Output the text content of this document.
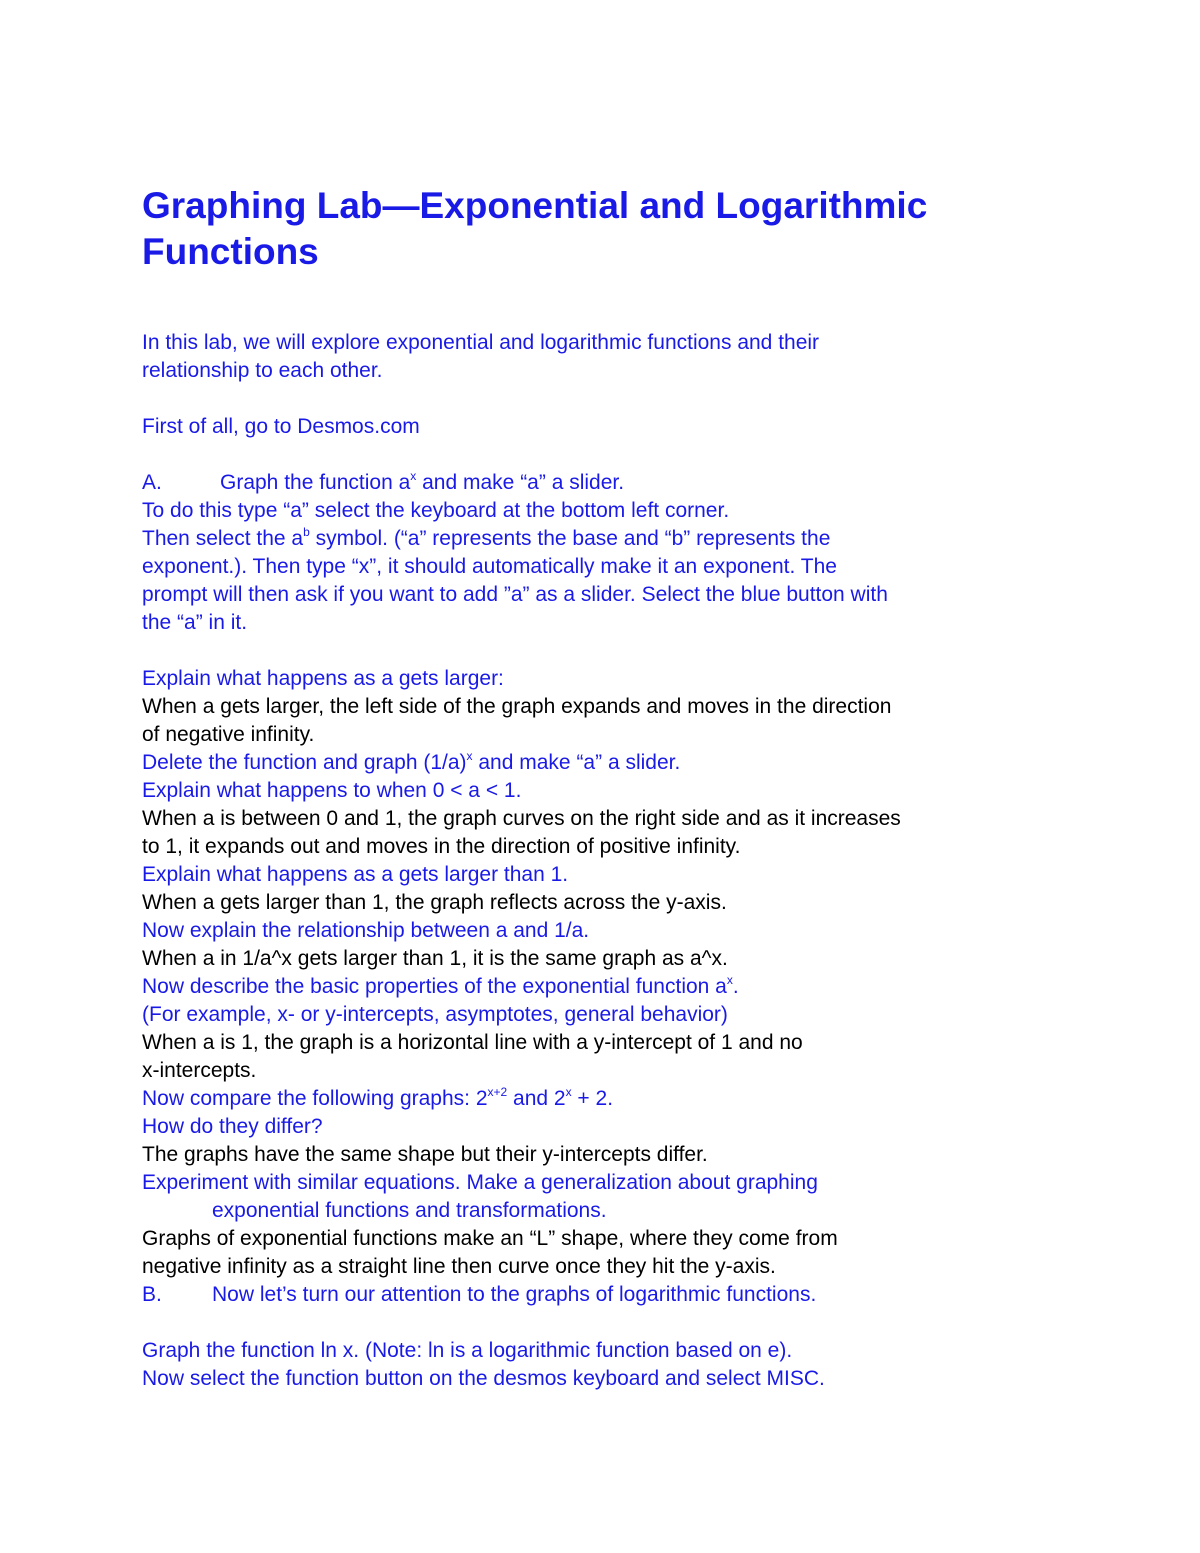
Graphing Lab—Exponential and Logarithmic
Functions
In this lab, we will explore exponential and logarithmic functions and their
relationship to each other.
First of all, go to Desmos.com
A.	Graph the function $a^x$ and make “a” a slider.
To do this type “a” select the keyboard at the bottom left corner.
Then select the $a^b$ symbol. (“a” represents the base and “b” represents the
exponent.). Then type “x”, it should automatically make it an exponent. The
prompt will then ask if you want to add ”a” as a slider. Select the blue button with
the “a” in it.
Explain what happens as a gets larger:
When a gets larger, the left side of the graph expands and moves in the direction
of negative infinity.
Delete the function and graph $(1/a)^x$ and make “a” a slider.
Explain what happens to when 0 < a < 1.
When a is between 0 and 1, the graph curves on the right side and as it increases
to 1, it expands out and moves in the direction of positive infinity.
Explain what happens as a gets larger than 1.
When a gets larger than 1, the graph reflects across the y-axis.
Now explain the relationship between a and 1/a.
When a in 1/a^x gets larger than 1, it is the same graph as a^x.
Now describe the basic properties of the exponential function $a^x$.
(For example, x- or y-intercepts, asymptotes, general behavior)
When a is 1, the graph is a horizontal line with a y-intercept of 1 and no
x-intercepts.
Now compare the following graphs: $2^{x+2}$ and $2^x + 2$.
How do they differ?
The graphs have the same shape but their y-intercepts differ.
Experiment with similar equations. Make a generalization about graphing
exponential functions and transformations.
Graphs of exponential functions make an “L” shape, where they come from
negative infinity as a straight line then curve once they hit the y-axis.
B. Now let’s turn our attention to the graphs of logarithmic functions.
Graph the function ln x. (Note: ln is a logarithmic function based on e).
Now select the function button on the desmos keyboard and select MISC.
